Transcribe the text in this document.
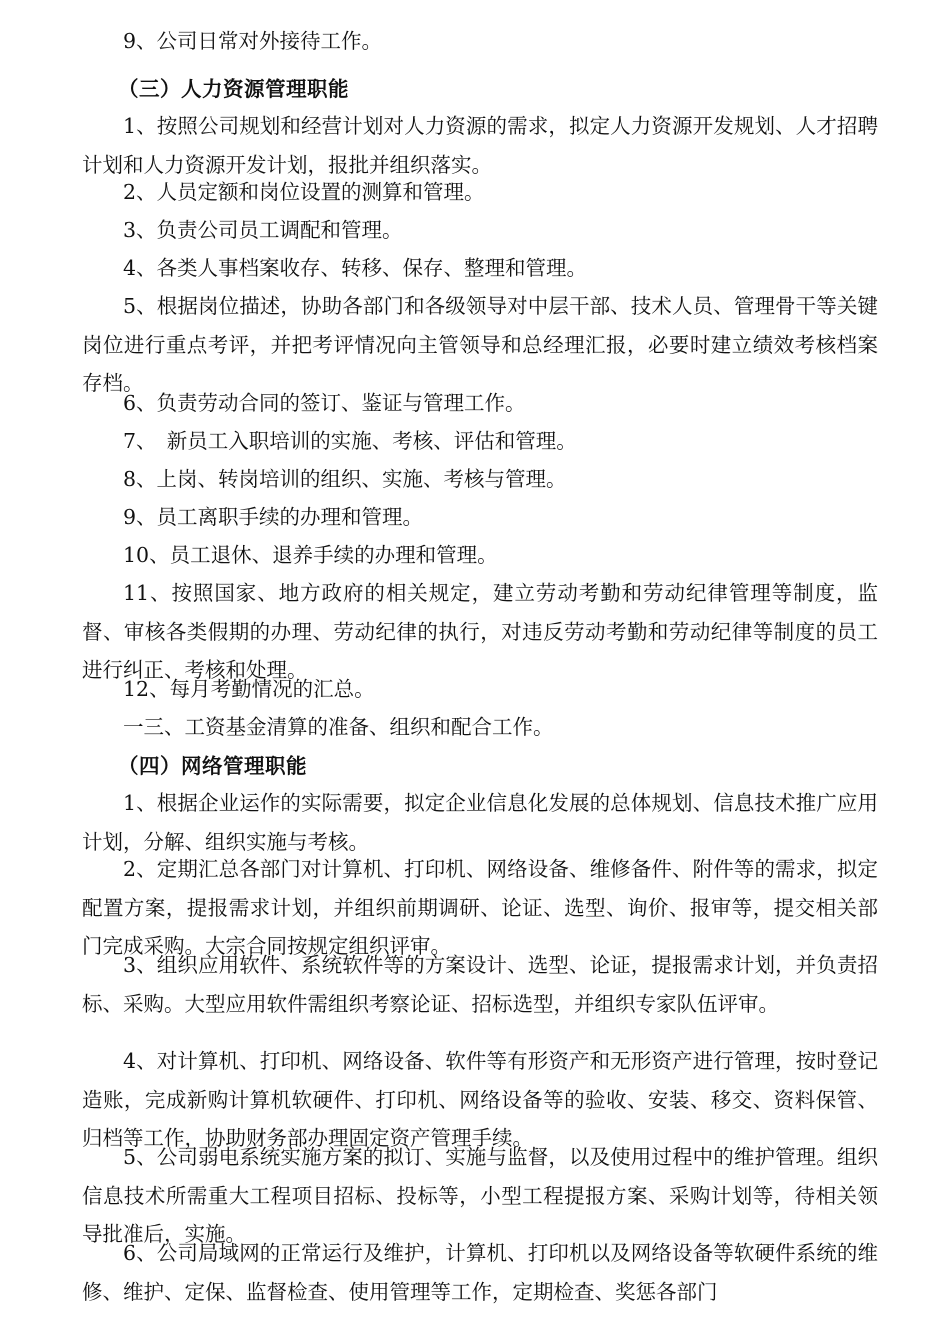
9、公司日常对外接待工作。

（三）人力资源管理职能

1、按照公司规划和经营计划对人力资源的需求，拟定人力资源开发规划、人才招聘计划和人力资源开发计划，报批并组织落实。

2、人员定额和岗位设置的测算和管理。

3、负责公司员工调配和管理。

4、各类人事档案收存、转移、保存、整理和管理。

5、根据岗位描述，协助各部门和各级领导对中层干部、技术人员、管理骨干等关键岗位进行重点考评，并把考评情况向主管领导和总经理汇报，必要时建立绩效考核档案存档。

6、负责劳动合同的签订、鉴证与管理工作。

7、　新员工入职培训的实施、考核、评估和管理。

8、上岗、转岗培训的组织、实施、考核与管理。

9、员工离职手续的办理和管理。

10、员工退休、退养手续的办理和管理。

11、按照国家、地方政府的相关规定，建立劳动考勤和劳动纪律管理等制度，监督、审核各类假期的办理、劳动纪律的执行，对违反劳动考勤和劳动纪律等制度的员工进行纠正、考核和处理。

12、每月考勤情况的汇总。

一三、工资基金清算的准备、组织和配合工作。

（四）网络管理职能

1、根据企业运作的实际需要，拟定企业信息化发展的总体规划、信息技术推广应用计划，分解、组织实施与考核。

2、定期汇总各部门对计算机、打印机、网络设备、维修备件、附件等的需求，拟定配置方案，提报需求计划，并组织前期调研、论证、选型、询价、报审等，提交相关部门完成采购。大宗合同按规定组织评审。

3、组织应用软件、系统软件等的方案设计、选型、论证，提报需求计划，并负责招标、采购。大型应用软件需组织考察论证、招标选型，并组织专家队伍评审。

4、对计算机、打印机、网络设备、软件等有形资产和无形资产进行管理，按时登记造账，完成新购计算机软硬件、打印机、网络设备等的验收、安装、移交、资料保管、归档等工作，协助财务部办理固定资产管理手续。

5、公司弱电系统实施方案的拟订、实施与监督，以及使用过程中的维护管理。组织信息技术所需重大工程项目招标、投标等，小型工程提报方案、采购计划等，待相关领导批准后，实施。

6、公司局域网的正常运行及维护，计算机、打印机以及网络设备等软硬件系统的维修、维护、定保、监督检查、使用管理等工作，定期检查、奖惩各部门
